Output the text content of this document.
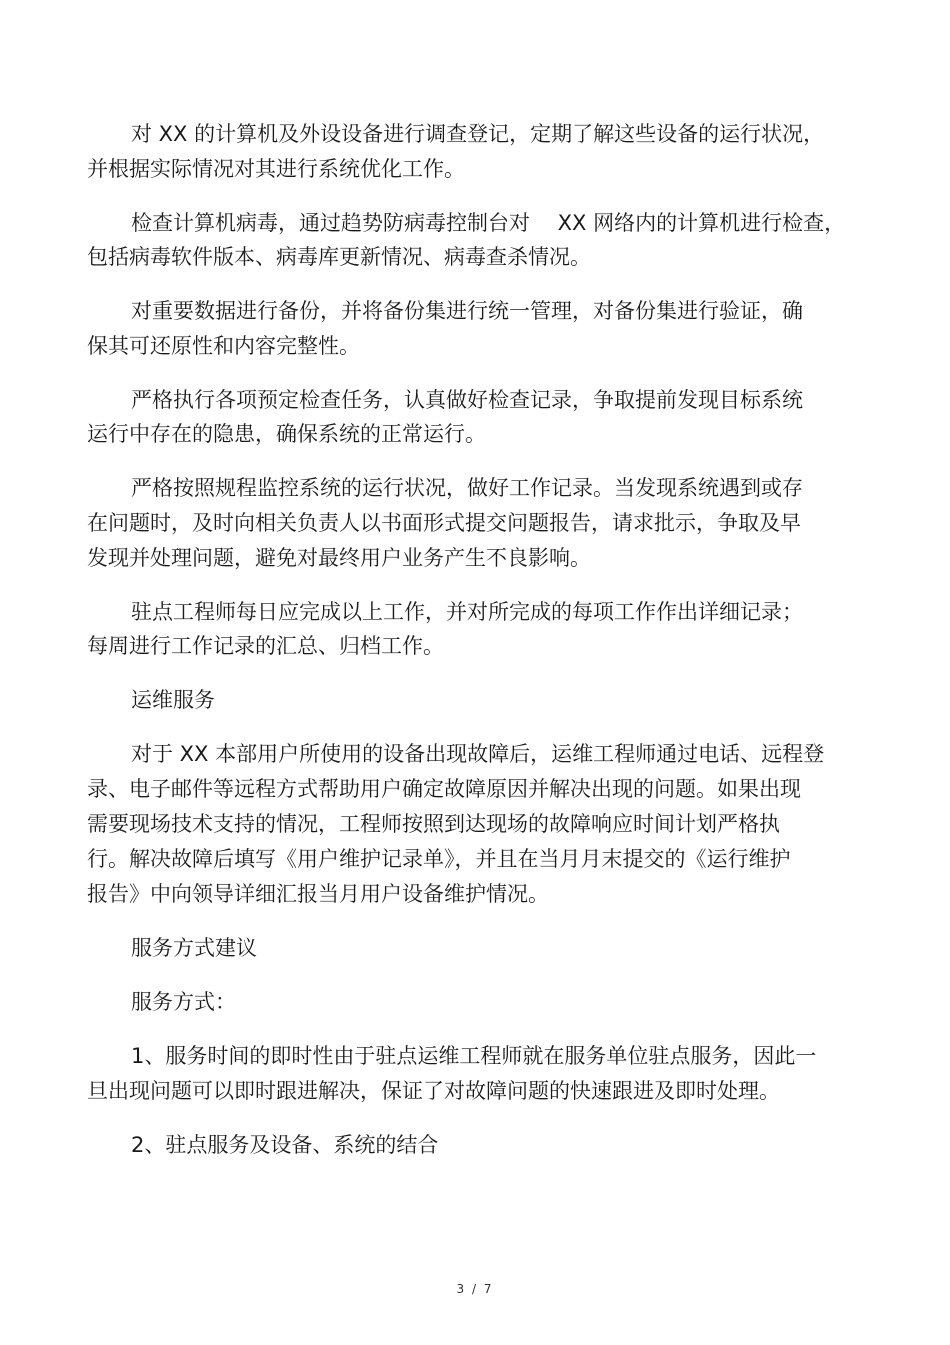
对 XX 的计算机及外设设备进行调查登记，定期了解这些设备的运行状况，

并根据实际情况对其进行系统优化工作。

检查计算机病毒，通过趋势防病毒控制台对　 XX 网络内的计算机进行检查，

包括病毒软件版本、病毒库更新情况、病毒查杀情况。

对重要数据进行备份，并将备份集进行统一管理，对备份集进行验证，确

保其可还原性和内容完整性。

严格执行各项预定检查任务，认真做好检查记录，争取提前发现目标系统

运行中存在的隐患，确保系统的正常运行。

严格按照规程监控系统的运行状况，做好工作记录。当发现系统遇到或存

在问题时，及时向相关负责人以书面形式提交问题报告，请求批示，争取及早

发现并处理问题，避免对最终用户业务产生不良影响。

驻点工程师每日应完成以上工作，并对所完成的每项工作作出详细记录；

每周进行工作记录的汇总、归档工作。

运维服务

对于 XX 本部用户所使用的设备出现故障后，运维工程师通过电话、远程登

录、电子邮件等远程方式帮助用户确定故障原因并解决出现的问题。如果出现

需要现场技术支持的情况，工程师按照到达现场的故障响应时间计划严格执

行。解决故障后填写《用户维护记录单》，并且在当月月末提交的《运行维护

报告》中向领导详细汇报当月用户设备维护情况。

服务方式建议

服务方式：

1、服务时间的即时性由于驻点运维工程师就在服务单位驻点服务，因此一

旦出现问题可以即时跟进解决，保证了对故障问题的快速跟进及即时处理。

2、驻点服务及设备、系统的结合

3 / 7
